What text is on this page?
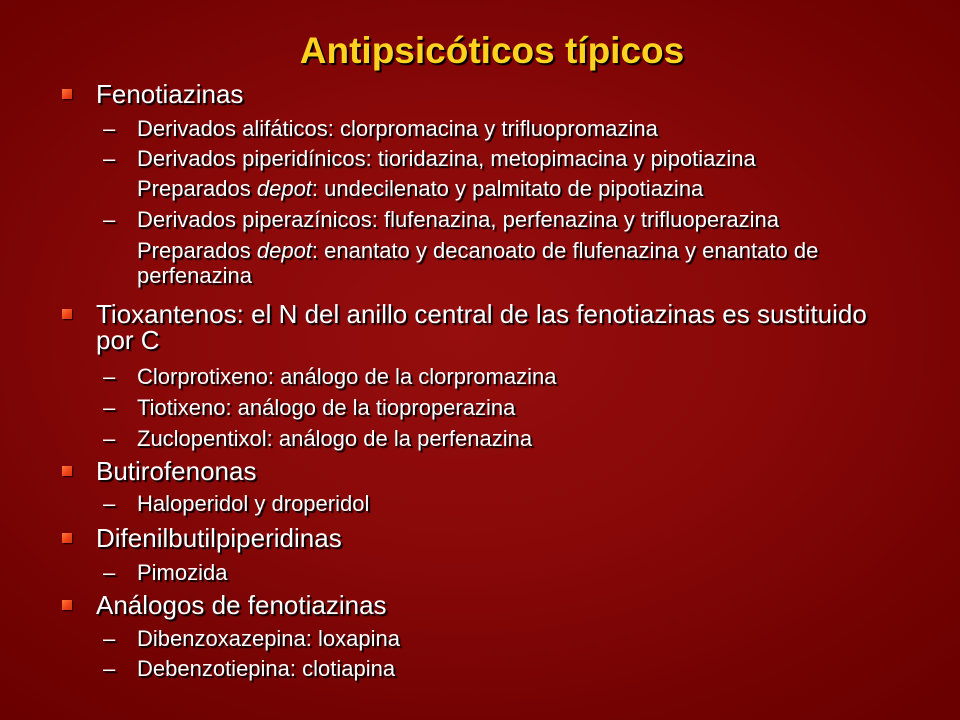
Antipsicóticos típicos
Fenotiazinas
– Derivados alifáticos: clorpromacina y trifluopromazina
– Derivados piperidínicos: tioridazina, metopimacina y pipotiazina
Preparados depot: undecilenato y palmitato de pipotiazina
– Derivados piperazínicos: flufenazina, perfenazina y trifluoperazina
Preparados depot: enantato y decanoato de flufenazina y enantato de perfenazina
Tioxantenos: el N del anillo central de las fenotiazinas es sustituido por C
– Clorprotixeno: análogo de la clorpromazina
– Tiotixeno: análogo de la tioproperazina
– Zuclopentixol: análogo de la perfenazina
Butirofenonas
– Haloperidol y droperidol
Difenilbutilpiperidinas
– Pimozida
Análogos de fenotiazinas
– Dibenzoxazepina: loxapina
– Debenzotiepina: clotiapina
